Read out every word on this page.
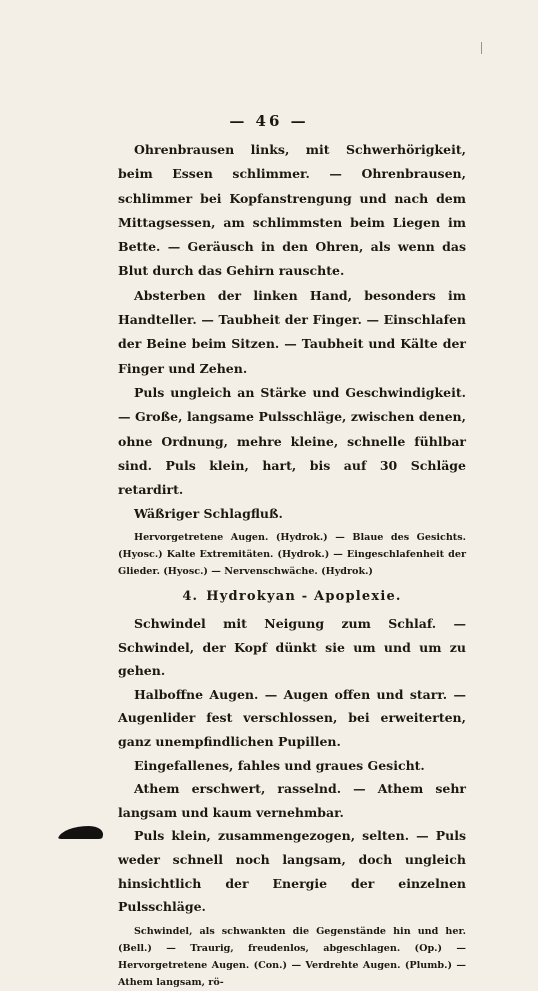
— 46 —

Ohrenbrausen links, mit Schwerhörigkeit, beim Essen schlimmer. — Ohrenbrausen, schlimmer bei Kopfanstrengung und nach dem Mittagsessen, am schlimmsten beim Liegen im Bette. — Geräusch in den Ohren, als wenn das Blut durch das Gehirn rauschte.

Absterben der linken Hand, besonders im Handteller. — Taubheit der Finger. — Einschlafen der Beine beim Sitzen. — Taubheit und Kälte der Finger und Zehen.

Puls ungleich an Stärke und Geschwindigkeit. — Große, langsame Pulsschläge, zwischen denen, ohne Ordnung, mehre kleine, schnelle fühlbar sind. Puls klein, hart, bis auf 30 Schläge retardirt.

Wäßriger Schlagfluß.

Hervorgetretene Augen. (Hydrok.) — Blaue des Gesichts. (Hyosc.) Kalte Extremitäten. (Hydrok.) — Eingeschlafenheit der Glieder. (Hyosc.) — Nervenschwäche. (Hydrok.)

4. Hydrokyan - Apoplexie.

Schwindel mit Neigung zum Schlaf. — Schwindel, der Kopf dünkt sie um und um zu gehen.

Halboffne Augen. — Augen offen und starr. — Augenlider fest verschlossen, bei erweiterten, ganz unempfindlichen Pupillen.

Eingefallenes, fahles und graues Gesicht.

Athem erschwert, rasselnd. — Athem sehr langsam und kaum vernehmbar.

Puls klein, zusammengezogen, selten. — Puls weder schnell noch langsam, doch ungleich hinsichtlich der Energie der einzelnen Pulsschläge.

Schwindel, als schwankten die Gegenstände hin und her. (Bell.) — Traurig, freudenlos, abgeschlagen. (Op.) — Hervorgetretene Augen. (Con.) — Verdrehte Augen. (Plumb.) — Athem langsam, rö-
